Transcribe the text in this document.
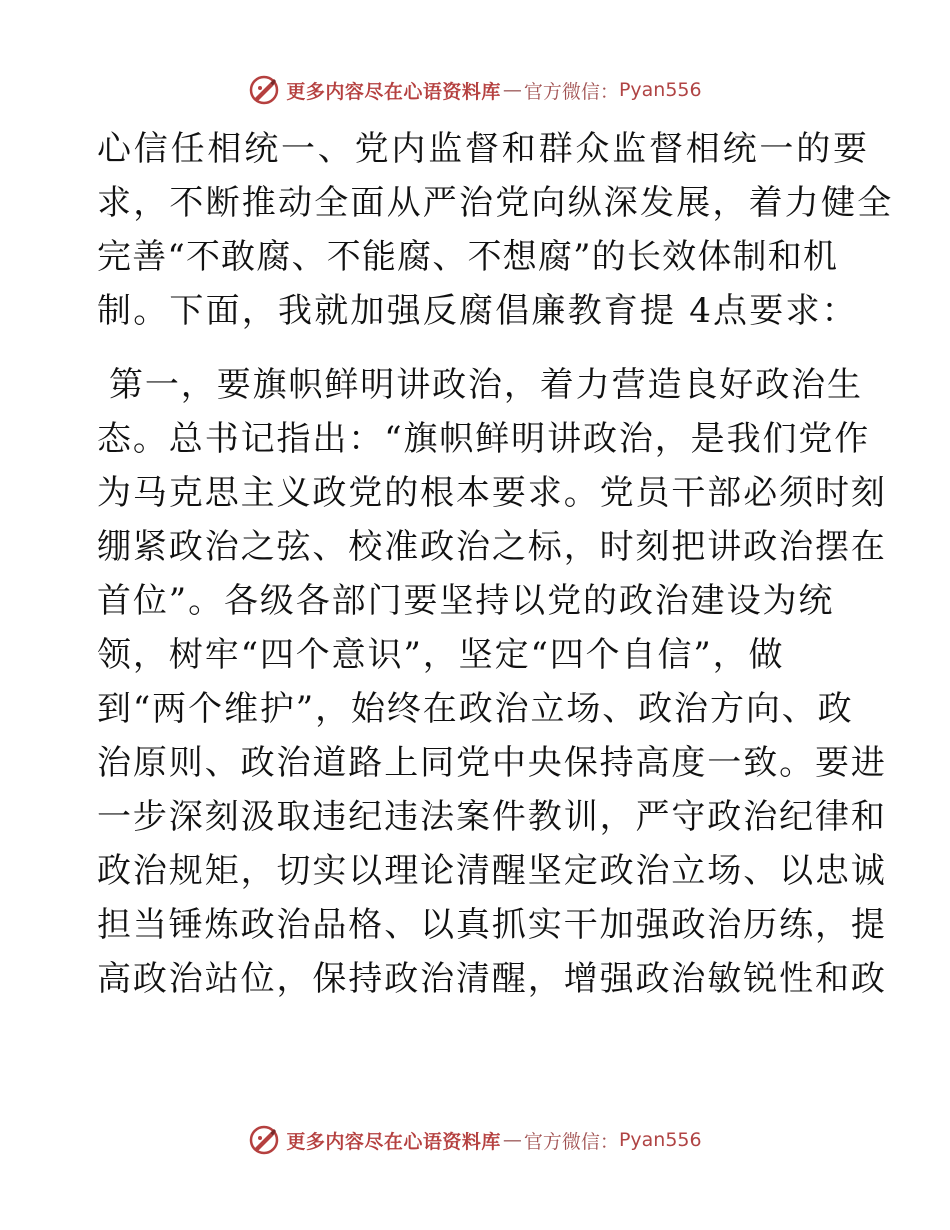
更多内容尽在心语资料库 — 官方微信： Pyan556
心信任相统一、党内监督和群众监督相统一的要
求，不断推动全面从严治党向纵深发展，着力健全
完善“不敢腐、不能腐、不想腐”的长效体制和机
制。下面，我就加强反腐倡廉教育提 4点要求：
第一，要旗帜鲜明讲政治，着力营造良好政治生
态。总书记指出：“旗帜鲜明讲政治，是我们党作
为马克思主义政党的根本要求。党员干部必须时刻
绷紧政治之弦、校准政治之标，时刻把讲政治摆在
首位”。各级各部门要坚持以党的政治建设为统
领，树牢“四个意识”，坚定“四个自信”，做
到“两个维护”，始终在政治立场、政治方向、政
治原则、政治道路上同党中央保持高度一致。要进
一步深刻汲取违纪违法案件教训，严守政治纪律和
政治规矩，切实以理论清醒坚定政治立场、以忠诚
担当锤炼政治品格、以真抓实干加强政治历练，提
高政治站位，保持政治清醒，增强政治敏锐性和政
更多内容尽在心语资料库 — 官方微信： Pyan556
